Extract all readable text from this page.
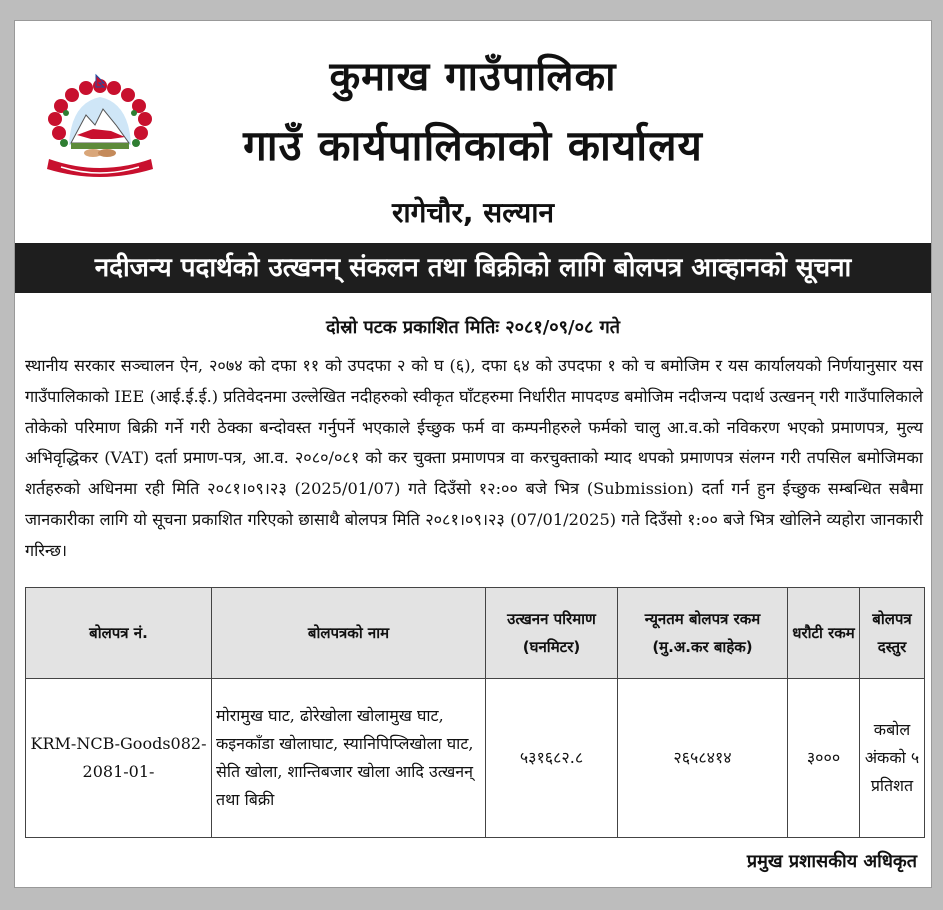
कुमाख गाउँपालिका
गाउँ कार्यपालिकाको कार्यालय
रागेचौर, सल्यान
नदीजन्य पदार्थको उत्खनन् संकलन तथा बिक्रीको लागि बोलपत्र आव्हानको सूचना
दोस्रो पटक प्रकाशित मितिः २०८१/०९/०८ गते
स्थानीय सरकार सञ्चालन ऐन, २०७४ को दफा ११ को उपदफा २ को घ (६), दफा ६४ को उपदफा १ को च बमोजिम र यस कार्यालयको निर्णयानुसार यस गाउँपालिकाको IEE (आई.ई.ई.) प्रतिवेदनमा उल्लेखित नदीहरुको स्वीकृत घाँटहरुमा निर्धारीत मापदण्ड बमोजिम नदीजन्य पदार्थ उत्खनन् गरी गाउँपालिकाले तोकेको परिमाण बिक्री गर्ने गरी ठेक्का बन्दोवस्त गर्नुपर्ने भएकाले ईच्छुक फर्म वा कम्पनीहरुले फर्मको चालु आ.व.को नविकरण भएको प्रमाणपत्र, मुल्य अभिवृद्धिकर (VAT) दर्ता प्रमाण-पत्र, आ.व. २०८०/०८१ को कर चुक्ता प्रमाणपत्र वा करचुक्ताको म्याद थपको प्रमाणपत्र संलग्न गरी तपसिल बमोजिमका शर्तहरुको अधिनमा रही मिति २०८१।०९।२३ (2025/01/07) गते दिउँसो १२:०० बजे भित्र (Submission) दर्ता गर्न हुन ईच्छुक सम्बन्धित सबैमा जानकारीका लागि यो सूचना प्रकाशित गरिएको छासाथै बोलपत्र मिति २०८१।०९।२३ (07/01/2025) गते दिउँसो १:०० बजे भित्र खोलिने व्यहोरा जानकारी गरिन्छ।
बोलपत्र नं.	बोलपत्रको नाम	उत्खनन परिमाण (घनमिटर)	न्यूनतम बोलपत्र रकम (मु.अ.कर बाहेक)	धरौटी रकम	बोलपत्र दस्तुर
KRM-NCB-Goods082-2081-01-	मोरामुख घाट, ढोरेखोला खोलामुख घाट, कइनकाँडा खोलाघाट, स्यानिपिप्लिखोला घाट, सेति खोला, शान्तिबजार खोला आदि उत्खनन् तथा बिक्री	५३१६८२.८	२६५८४१४	३०००	कबोल अंकको ५ प्रतिशत
प्रमुख प्रशासकीय अधिकृत
